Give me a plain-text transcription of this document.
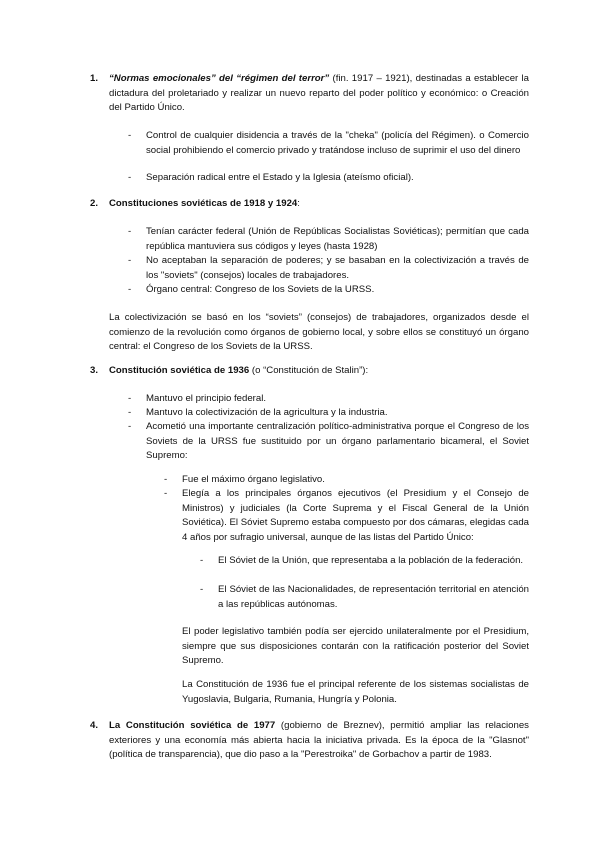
1. “Normas emocionales” del “régimen del terror” (fin. 1917 – 1921), destinadas a establecer la dictadura del proletariado y realizar un nuevo reparto del poder político y económico: o Creación del Partido Único.
- Control de cualquier disidencia a través de la "cheka" (policía del Régimen). o Comercio social prohibiendo el comercio privado y tratándose incluso de suprimir el uso del dinero
- Separación radical entre el Estado y la Iglesia (ateísmo oficial).
2. Constituciones soviéticas de 1918 y 1924:
- Tenían carácter federal (Unión de Repúblicas Socialistas Soviéticas); permitían que cada república mantuviera sus códigos y leyes (hasta 1928)
- No aceptaban la separación de poderes; y se basaban en la colectivización a través de los "soviets" (consejos) locales de trabajadores.
- Órgano central: Congreso de los Soviets de la URSS.
La colectivización se basó en los “soviets” (consejos) de trabajadores, organizados desde el comienzo de la revolución como órganos de gobierno local, y sobre ellos se constituyó un órgano central: el Congreso de los Soviets de la URSS.
3. Constitución soviética de 1936 (o “Constitución de Stalin”):
- Mantuvo el principio federal.
- Mantuvo la colectivización de la agricultura y la industria.
- Acometió una importante centralización político-administrativa porque el Congreso de los Soviets de la URSS fue sustituido por un órgano parlamentario bicameral, el Soviet Supremo:
- Fue el máximo órgano legislativo.
- Elegía a los principales órganos ejecutivos (el Presidium y el Consejo de Ministros) y judiciales (la Corte Suprema y el Fiscal General de la Unión Soviética). El Sóviet Supremo estaba compuesto por dos cámaras, elegidas cada 4 años por sufragio universal, aunque de las listas del Partido Único:
- El Sóviet de la Unión, que representaba a la población de la federación.
- El Sóviet de las Nacionalidades, de representación territorial en atención a las repúblicas autónomas.
El poder legislativo también podía ser ejercido unilateralmente por el Presidium, siempre que sus disposiciones contarán con la ratificación posterior del Soviet Supremo.
La Constitución de 1936 fue el principal referente de los sistemas socialistas de Yugoslavia, Bulgaria, Rumania, Hungría y Polonia.
4. La Constitución soviética de 1977 (gobierno de Breznev), permitió ampliar las relaciones exteriores y una economía más abierta hacia la iniciativa privada. Es la época de la "Glasnot" (política de transparencia), que dio paso a la "Perestroika" de Gorbachov a partir de 1983.
